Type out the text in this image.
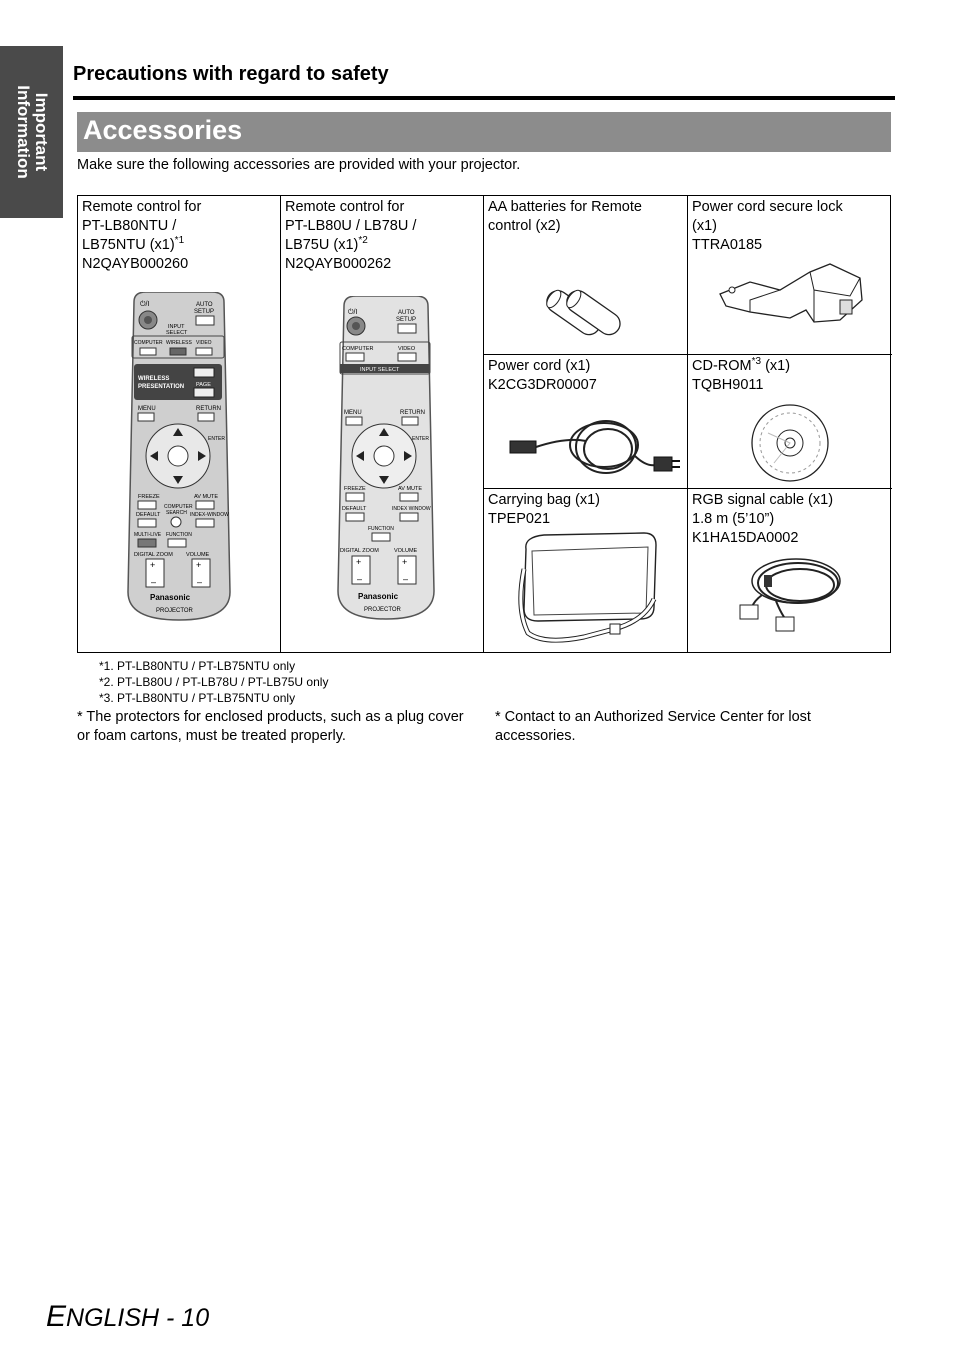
Important
Information
Precautions with regard to safety
Accessories
Make sure the following accessories are provided with your projector.
Remote control for
PT-LB80NTU /
LB75NTU $(x1)^{*1}$
N2QAYB000260
⏻/I	AUTO
SETUP
INPUT
SELECT
COMPUTER WIRELESS VIDEO
WIRELESS
PRESENTATION PAGE
MENU	RETURN
ENTER
FREEZE	AV MUTE
COMPUTER
SEARCH
DEFAULT	INDEX-WINDOW
MULTI-LIVE FUNCTION
DIGITAL ZOOM VOLUME
+
–
+
–
Panasonic
PROJECTOR
Remote control for
PT-LB80U / LB78U /
LB75U $(x1)^{*2}$
N2QAYB000262
⏻/I	AUTO
SETUP
COMPUTER	VIDEO
INPUT SELECT
MENU	RETURN
ENTER
FREEZE	AV MUTE
DEFAULT	INDEX WINDOW
FUNCTION
DIGITAL ZOOM	VOLUME
+
–
+
–
Panasonic
PROJECTOR
AA batteries for Remote
control (x2)
Power cord secure lock
(x1)
TTRA0185
Power cord (x1)
K2CG3DR00007
CD-ROM$^{*3}$ (x1)
TQBH9011
Carrying bag (x1)
TPEP021
RGB signal cable (x1)
1.8 m (5’10”)
K1HA15DA0002
*1. PT-LB80NTU / PT-LB75NTU only
*2. PT-LB80U / PT-LB78U / PT-LB75U only
*3. PT-LB80NTU / PT-LB75NTU only
* The protectors for enclosed products, such as a plug cover or foam cartons, must be treated properly.
* Contact to an Authorized Service Center for lost accessories.
ENGLISH - 10
